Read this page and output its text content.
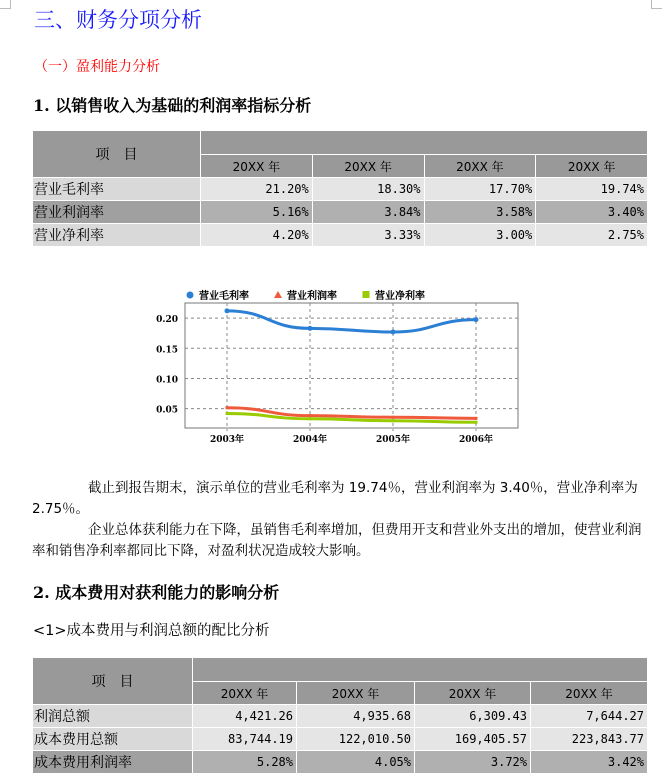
三、财务分项分析
（一）盈利能力分析
1. 以销售收入为基础的利润率指标分析
项　目				
	20XX 年	20XX 年	20XX 年	20XX 年
营业毛利率	21.20%	18.30%	17.70%	19.74%
营业利润率	5.16%	3.84%	3.58%	3.40%
营业净利率	4.20%	3.33%	3.00%	2.75%
0.05
0.10
0.15
0.20
2003年	2004年	2005年	2006年
营业毛利率	营业利润率	营业净利率
截止到报告期末，演示单位的营业毛利率为 19.74％，营业利润率为 3.40％，营业净利率为 2.75％。
企业总体获利能力在下降，虽销售毛利率增加，但费用开支和营业外支出的增加，使营业利润率和销售净利率都同比下降，对盈利状况造成较大影响。
2. 成本费用对获利能力的影响分析
<1>成本费用与利润总额的配比分析
项　目				
	20XX 年	20XX 年	20XX 年	20XX 年
利润总额	4,421.26	4,935.68	6,309.43	7,644.27
成本费用总额	83,744.19	122,010.50	169,405.57	223,843.77
成本费用利润率	5.28%	4.05%	3.72%	3.42%
